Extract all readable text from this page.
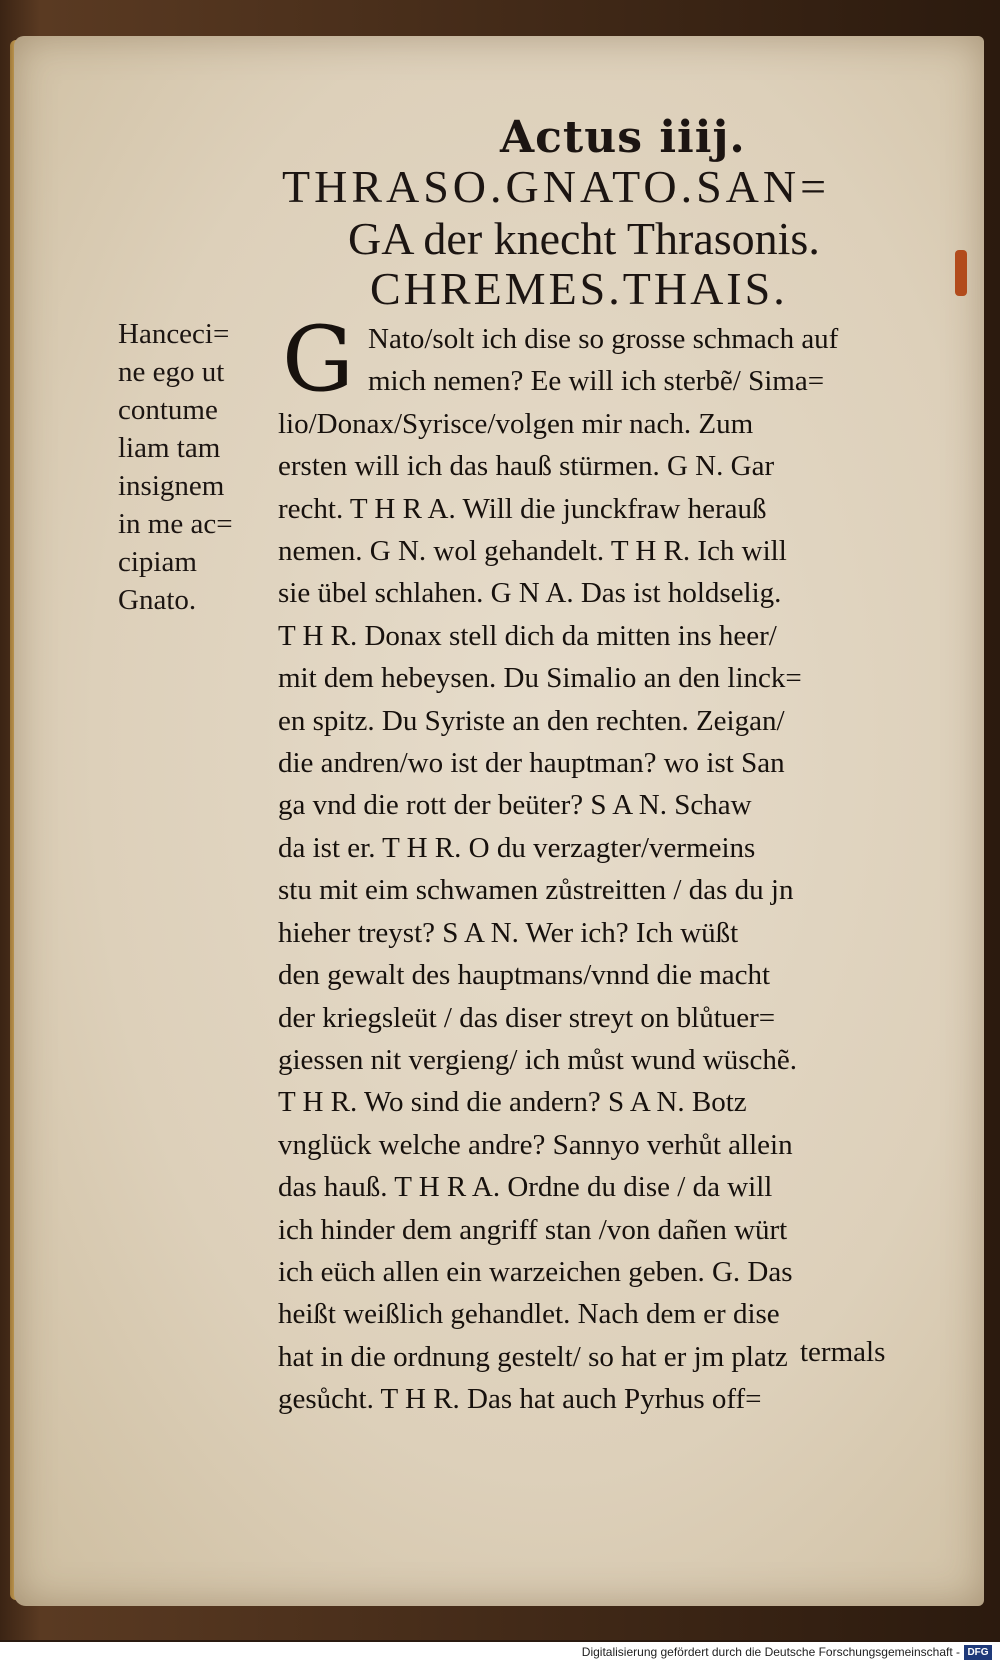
Actus iiij.
THRASO.GNATO.SAN=
GA der knecht Thrasonis.
CHREMES.THAIS.
Hanceci=
ne ego ut
contume
liam tam
insignem
in me ac=
cipiam
Gnato.
G Nato/solt ich dise so grosse schmach auf
mich nemen? Ee will ich sterbẽ/ Sima=
lio/Donax/Syrisce/volgen mir nach. Zum
ersten will ich das hauß stürmen. G N. Gar
recht. T H R A. Will die junckfraw herauß
nemen. G N. wol gehandelt. T H R. Ich will
sie übel schlahen. G N A. Das ist holdselig.
T H R. Donax stell dich da mitten ins heer/
mit dem hebeysen. Du Simalio an den linck=
en spitz. Du Syriste an den rechten. Zeigan/
die andren/wo ist der hauptman? wo ist San
ga vnd die rott der beüter? S A N. Schaw
da ist er. T H R. O du verzagter/vermeins
stu mit eim schwamen zůstreitten / das du jn
hieher treyst? S A N. Wer ich? Ich wüßt
den gewalt des hauptmans/vnnd die macht
der kriegsleüt / das diser streyt on blůtuer=
giessen nit vergieng/ ich můst wund wüschẽ.
T H R. Wo sind die andern? S A N. Botz
vnglück welche andre? Sannyo verhůt allein
das hauß. T H R A. Ordne du dise / da will
ich hinder dem angriff stan /von dañen würt
ich eüch allen ein warzeichen geben. G. Das
heißt weißlich gehandlet. Nach dem er dise
hat in die ordnung gestelt/ so hat er jm platz
gesůcht. T H R. Das hat auch Pyrhus off=
termals
Digitalisierung gefördert durch die Deutsche Forschungsgemeinschaft - DFG
